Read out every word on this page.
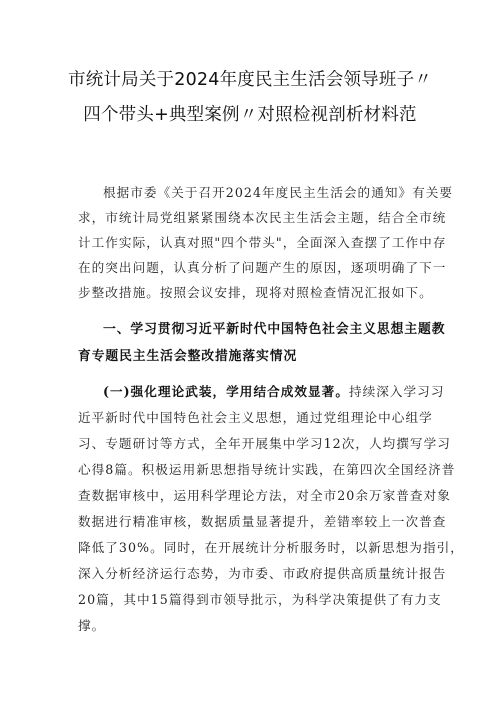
市统计局关于2024年度民主生活会领导班子〃
四个带头+典型案例〃对照检视剖析材料范
根据市委《关于召开2024年度民主生活会的通知》有关要
求，市统计局党组紧紧围绕本次民主生活会主题，结合全市统
计工作实际，认真对照"四个带头"，全面深入查摆了工作中存
在的突出问题，认真分析了问题产生的原因，逐项明确了下一
步整改措施。按照会议安排，现将对照检查情况汇报如下。
一、学习贯彻习近平新时代中国特色社会主义思想主题教
育专题民主生活会整改措施落实情况
(一)强化理论武装，学用结合成效显著。持续深入学习习
近平新时代中国特色社会主义思想，通过党组理论中心组学
习、专题研讨等方式，全年开展集中学习12次，人均撰写学习
心得8篇。积极运用新思想指导统计实践，在第四次全国经济普
查数据审核中，运用科学理论方法，对全市20余万家普查对象
数据进行精准审核，数据质量显著提升，差错率较上一次普查
降低了30%。同时，在开展统计分析服务时，以新思想为指引，
深入分析经济运行态势，为市委、市政府提供高质量统计报告
20篇，其中15篇得到市领导批示，为科学决策提供了有力支
撑。
